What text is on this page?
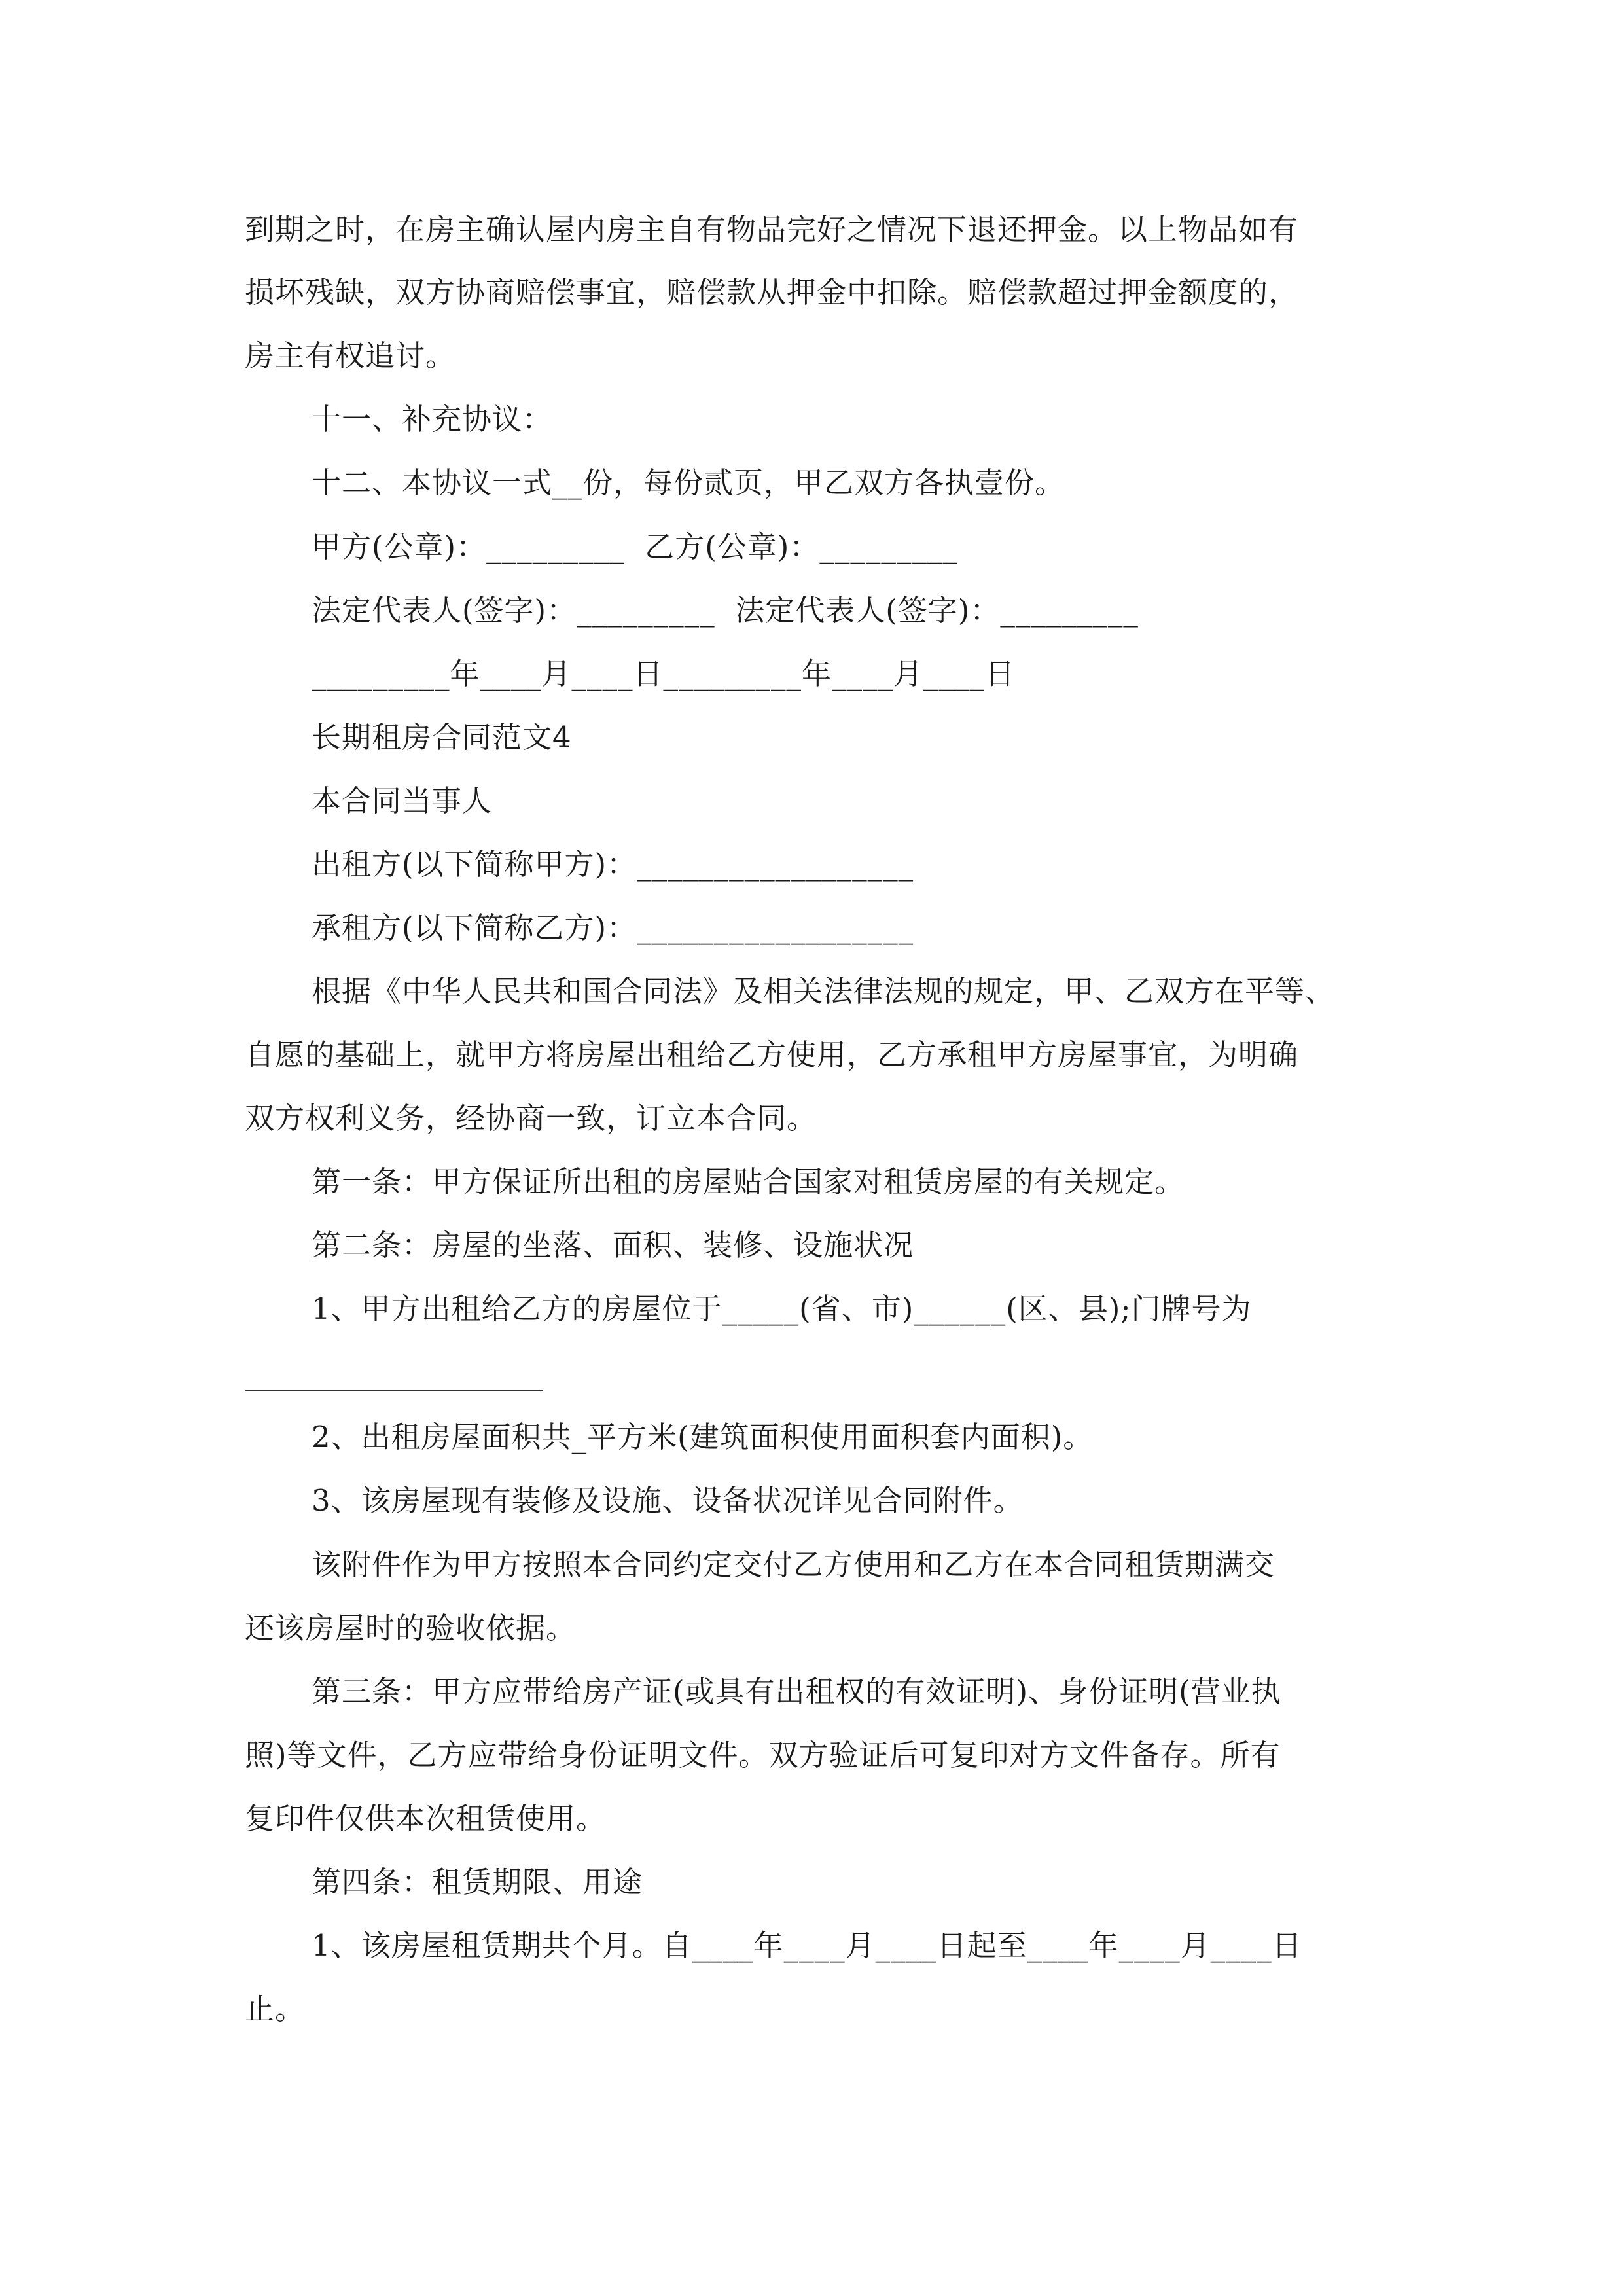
到期之时，在房主确认屋内房主自有物品完好之情况下退还押金。以上物品如有
损坏残缺，双方协商赔偿事宜，赔偿款从押金中扣除。赔偿款超过押金额度的，
房主有权追讨。
十一、补充协议：
十二、本协议一式__份，每份贰页，甲乙双方各执壹份。
甲方(公章)：_________  乙方(公章)：_________
法定代表人(签字)：_________  法定代表人(签字)：_________
_________年____月____日_________年____月____日
长期租房合同范文4
本合同当事人
出租方(以下简称甲方)：__________________
承租方(以下简称乙方)：__________________
根据《中华人民共和国合同法》及相关法律法规的规定，甲、乙双方在平等、
自愿的基础上，就甲方将房屋出租给乙方使用，乙方承租甲方房屋事宜，为明确
双方权利义务，经协商一致，订立本合同。
第一条：甲方保证所出租的房屋贴合国家对租赁房屋的有关规定。
第二条：房屋的坐落、面积、装修、设施状况
1、甲方出租给乙方的房屋位于_____(省、市)______(区、县);门牌号为
2、出租房屋面积共_平方米(建筑面积使用面积套内面积)。
3、该房屋现有装修及设施、设备状况详见合同附件。
该附件作为甲方按照本合同约定交付乙方使用和乙方在本合同租赁期满交
还该房屋时的验收依据。
第三条：甲方应带给房产证(或具有出租权的有效证明)、身份证明(营业执
照)等文件，乙方应带给身份证明文件。双方验证后可复印对方文件备存。所有
复印件仅供本次租赁使用。
第四条：租赁期限、用途
1、该房屋租赁期共个月。自____年____月____日起至____年____月____日
止。
